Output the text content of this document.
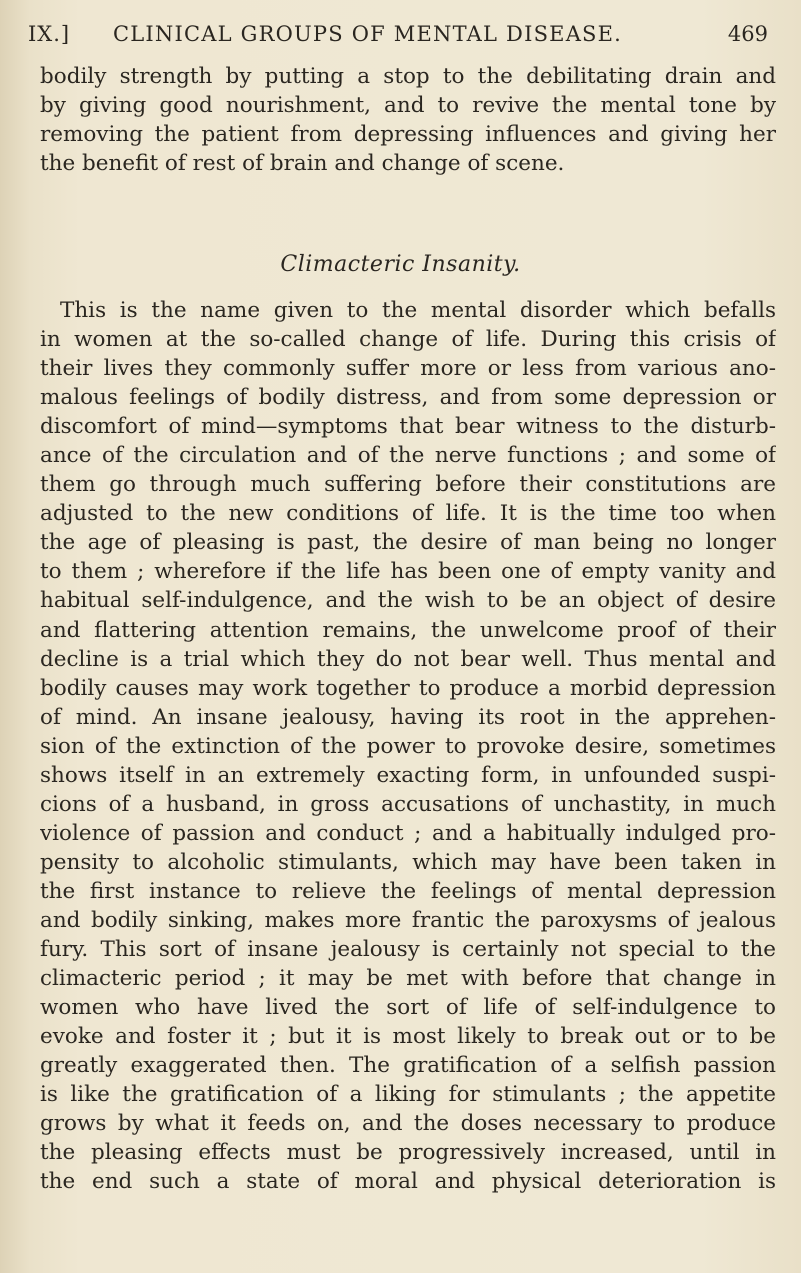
IX.] CLINICAL GROUPS OF MENTAL DISEASE.	469
bodily strength by putting a stop to the debilitating drain and
by giving good nourishment, and to revive the mental tone by
removing the patient from depressing influences and giving her
the benefit of rest of brain and change of scene.
Climacteric Insanity.
This is the name given to the mental disorder which befalls
in women at the so-called change of life. During this crisis of
their lives they commonly suffer more or less from various ano-
malous feelings of bodily distress, and from some depression or
discomfort of mind—symptoms that bear witness to the disturb-
ance of the circulation and of the nerve functions ; and some of
them go through much suffering before their constitutions are
adjusted to the new conditions of life. It is the time too when
the age of pleasing is past, the desire of man being no longer
to them ; wherefore if the life has been one of empty vanity and
habitual self-indulgence, and the wish to be an object of desire
and flattering attention remains, the unwelcome proof of their
decline is a trial which they do not bear well. Thus mental and
bodily causes may work together to produce a morbid depression
of mind. An insane jealousy, having its root in the apprehen-
sion of the extinction of the power to provoke desire, sometimes
shows itself in an extremely exacting form, in unfounded suspi-
cions of a husband, in gross accusations of unchastity, in much
violence of passion and conduct ; and a habitually indulged pro-
pensity to alcoholic stimulants, which may have been taken in
the first instance to relieve the feelings of mental depression
and bodily sinking, makes more frantic the paroxysms of jealous
fury. This sort of insane jealousy is certainly not special to the
climacteric period ; it may be met with before that change in
women who have lived the sort of life of self-indulgence to
evoke and foster it ; but it is most likely to break out or to be
greatly exaggerated then. The gratification of a selfish passion
is like the gratification of a liking for stimulants ; the appetite
grows by what it feeds on, and the doses necessary to produce
the pleasing effects must be progressively increased, until in
the end such a state of moral and physical deterioration is
